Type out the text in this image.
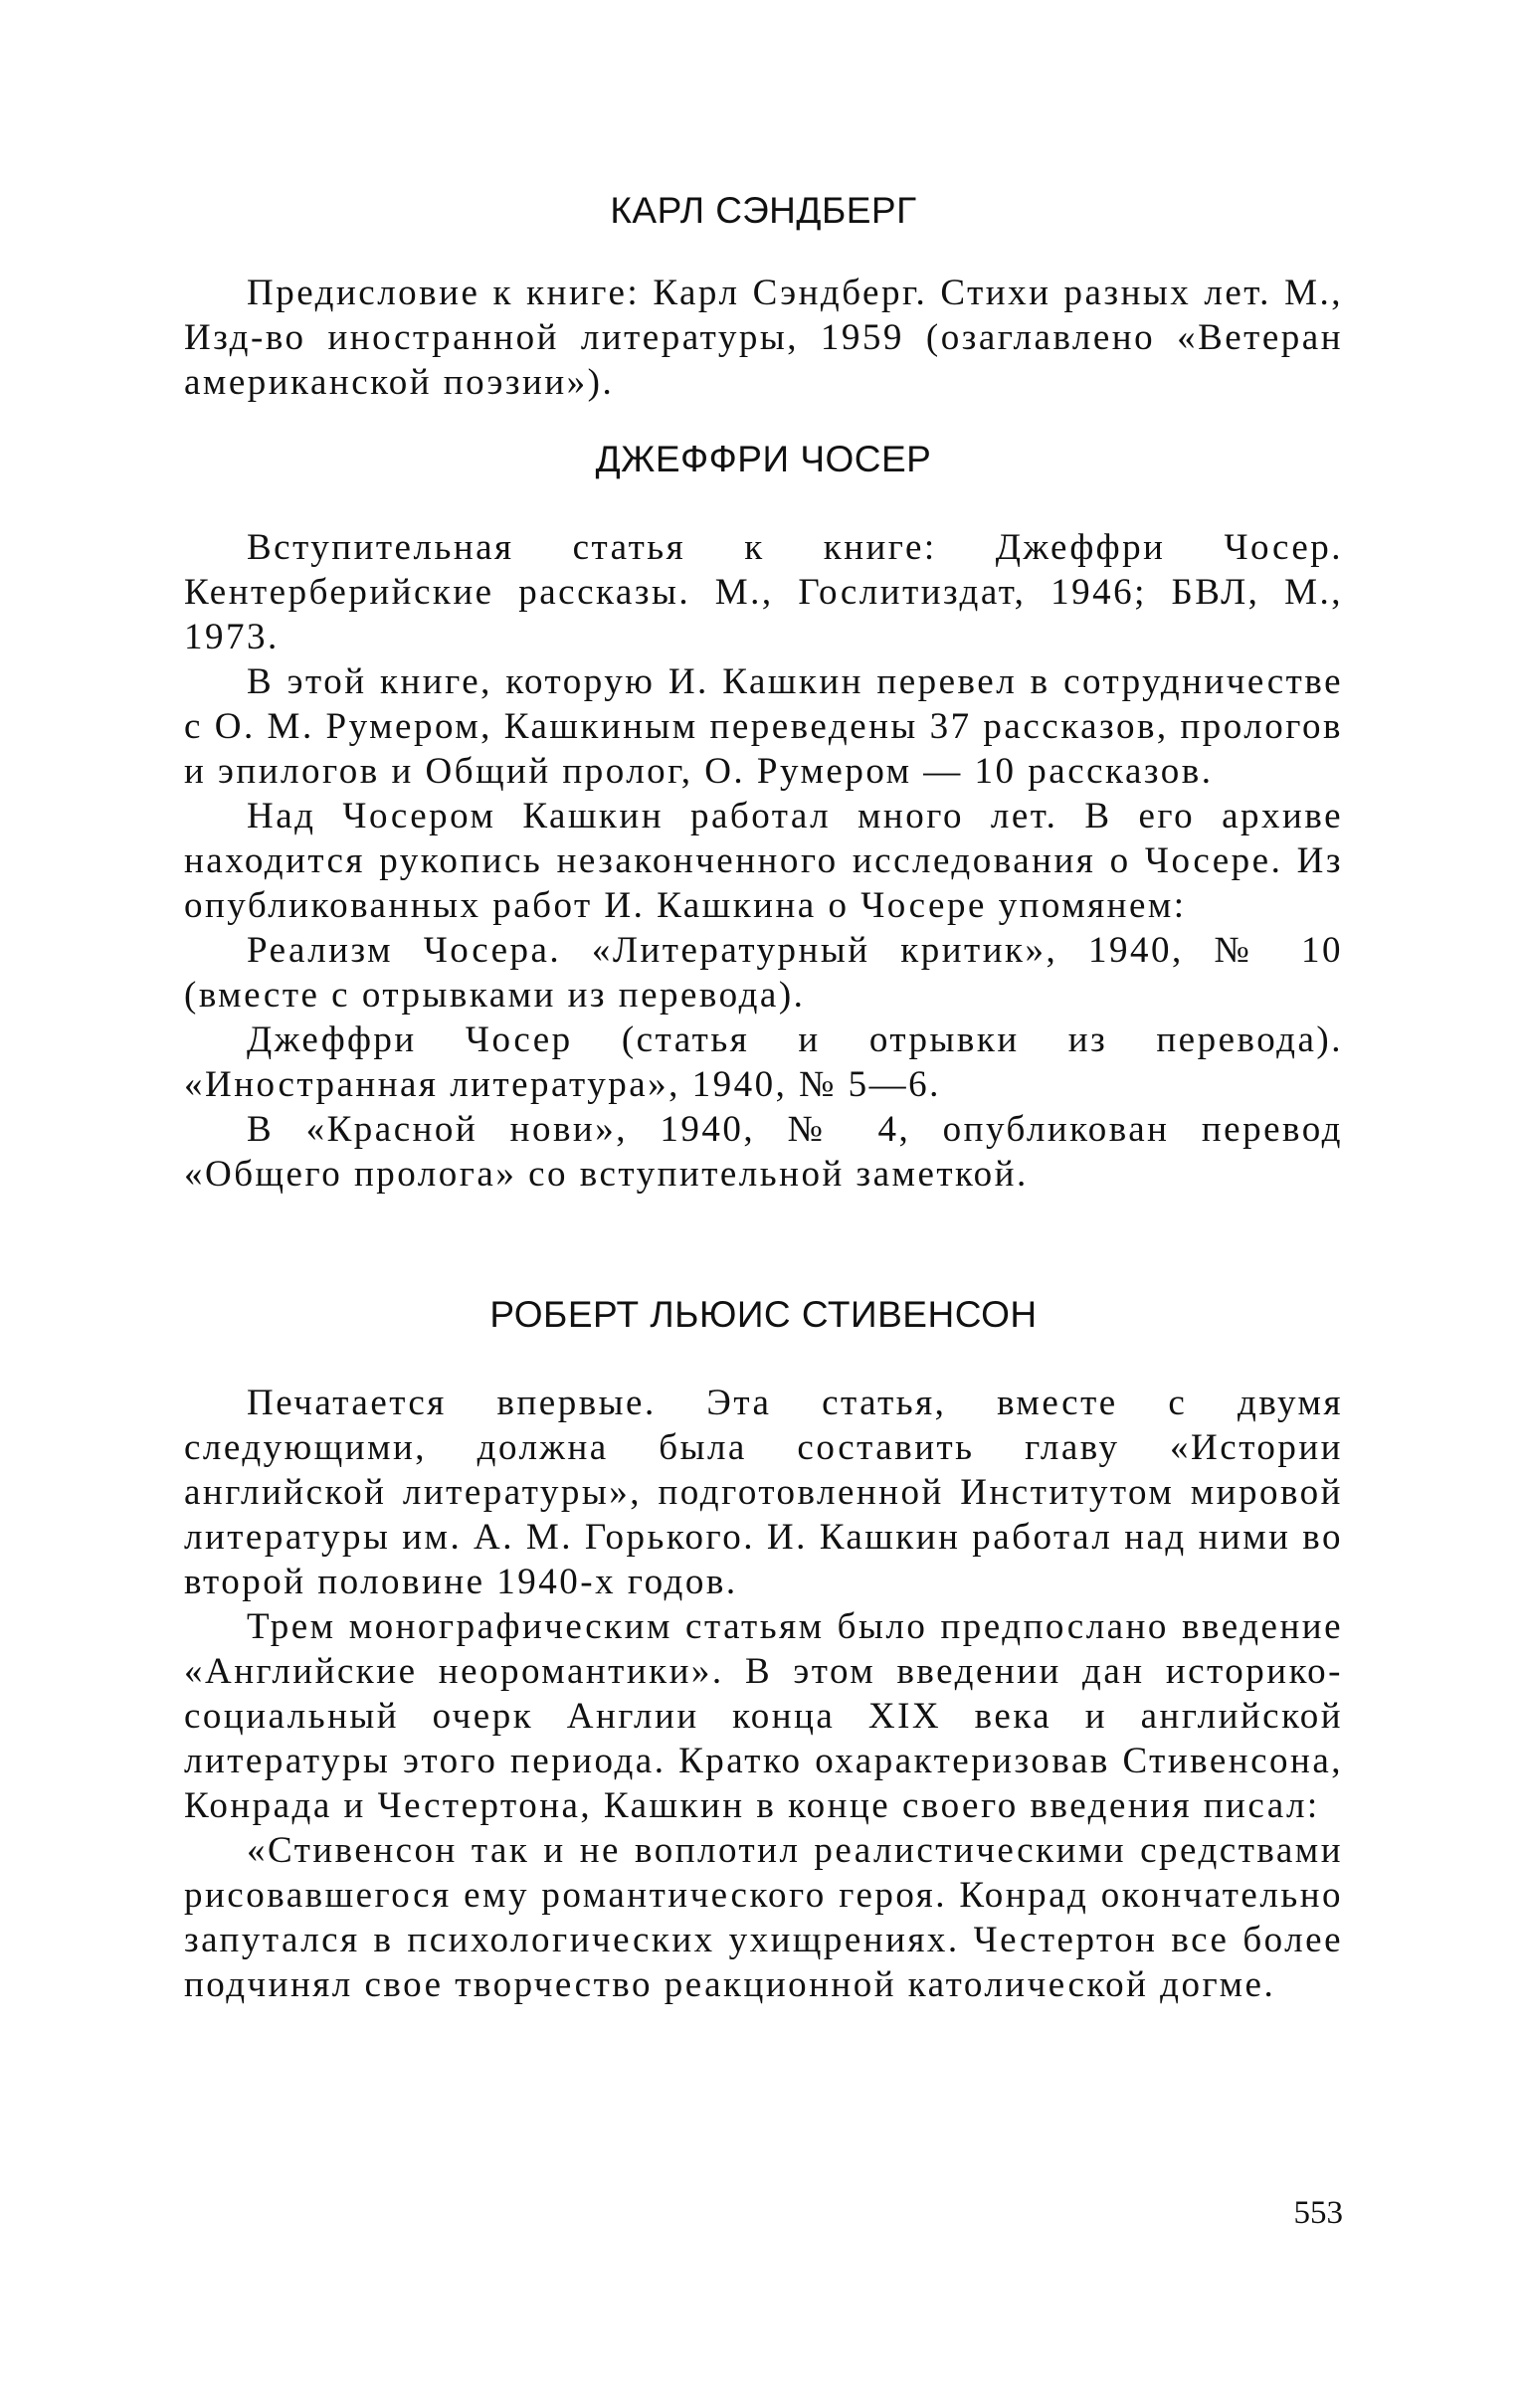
КАРЛ СЭНДБЕРГ

Предисловие к книге: Карл Сэндберг. Стихи разных лет. М., Изд-во иностранной литературы, 1959 (озаглавлено «Ветеран американской поэзии»).

ДЖЕФФРИ ЧОСЕР

Вступительная статья к книге: Джеффри Чосер. Кентерберийские рассказы. М., Гослитиздат, 1946; БВЛ, М., 1973.

В этой книге, которую И. Кашкин перевел в сотрудничестве с О. М. Румером, Кашкиным переведены 37 рассказов, прологов и эпилогов и Общий пролог, О. Румером — 10 рассказов.

Над Чосером Кашкин работал много лет. В его архиве находится рукопись незаконченного исследования о Чосере. Из опубликованных работ И. Кашкина о Чосере упомянем:

Реализм Чосера. «Литературный критик», 1940, № 10 (вместе с отрывками из перевода).

Джеффри Чосер (статья и отрывки из перевода). «Иностранная литература», 1940, № 5—6.

В «Красной нови», 1940, № 4, опубликован перевод «Общего пролога» со вступительной заметкой.

РОБЕРТ ЛЬЮИС СТИВЕНСОН

Печатается впервые. Эта статья, вместе с двумя следующими, должна была составить главу «Истории английской литературы», подготовленной Институтом мировой литературы им. А. М. Горького. И. Кашкин работал над ними во второй половине 1940-х годов.

Трем монографическим статьям было предпослано введение «Английские неоромантики». В этом введении дан историко-социальный очерк Англии конца XIX века и английской литературы этого периода. Кратко охарактеризовав Стивенсона, Конрада и Честертона, Кашкин в конце своего введения писал:

«Стивенсон так и не воплотил реалистическими средствами рисовавшегося ему романтического героя. Конрад окончательно запутался в психологических ухищрениях. Честертон все более подчинял свое творчество реакционной католической догме.

553
